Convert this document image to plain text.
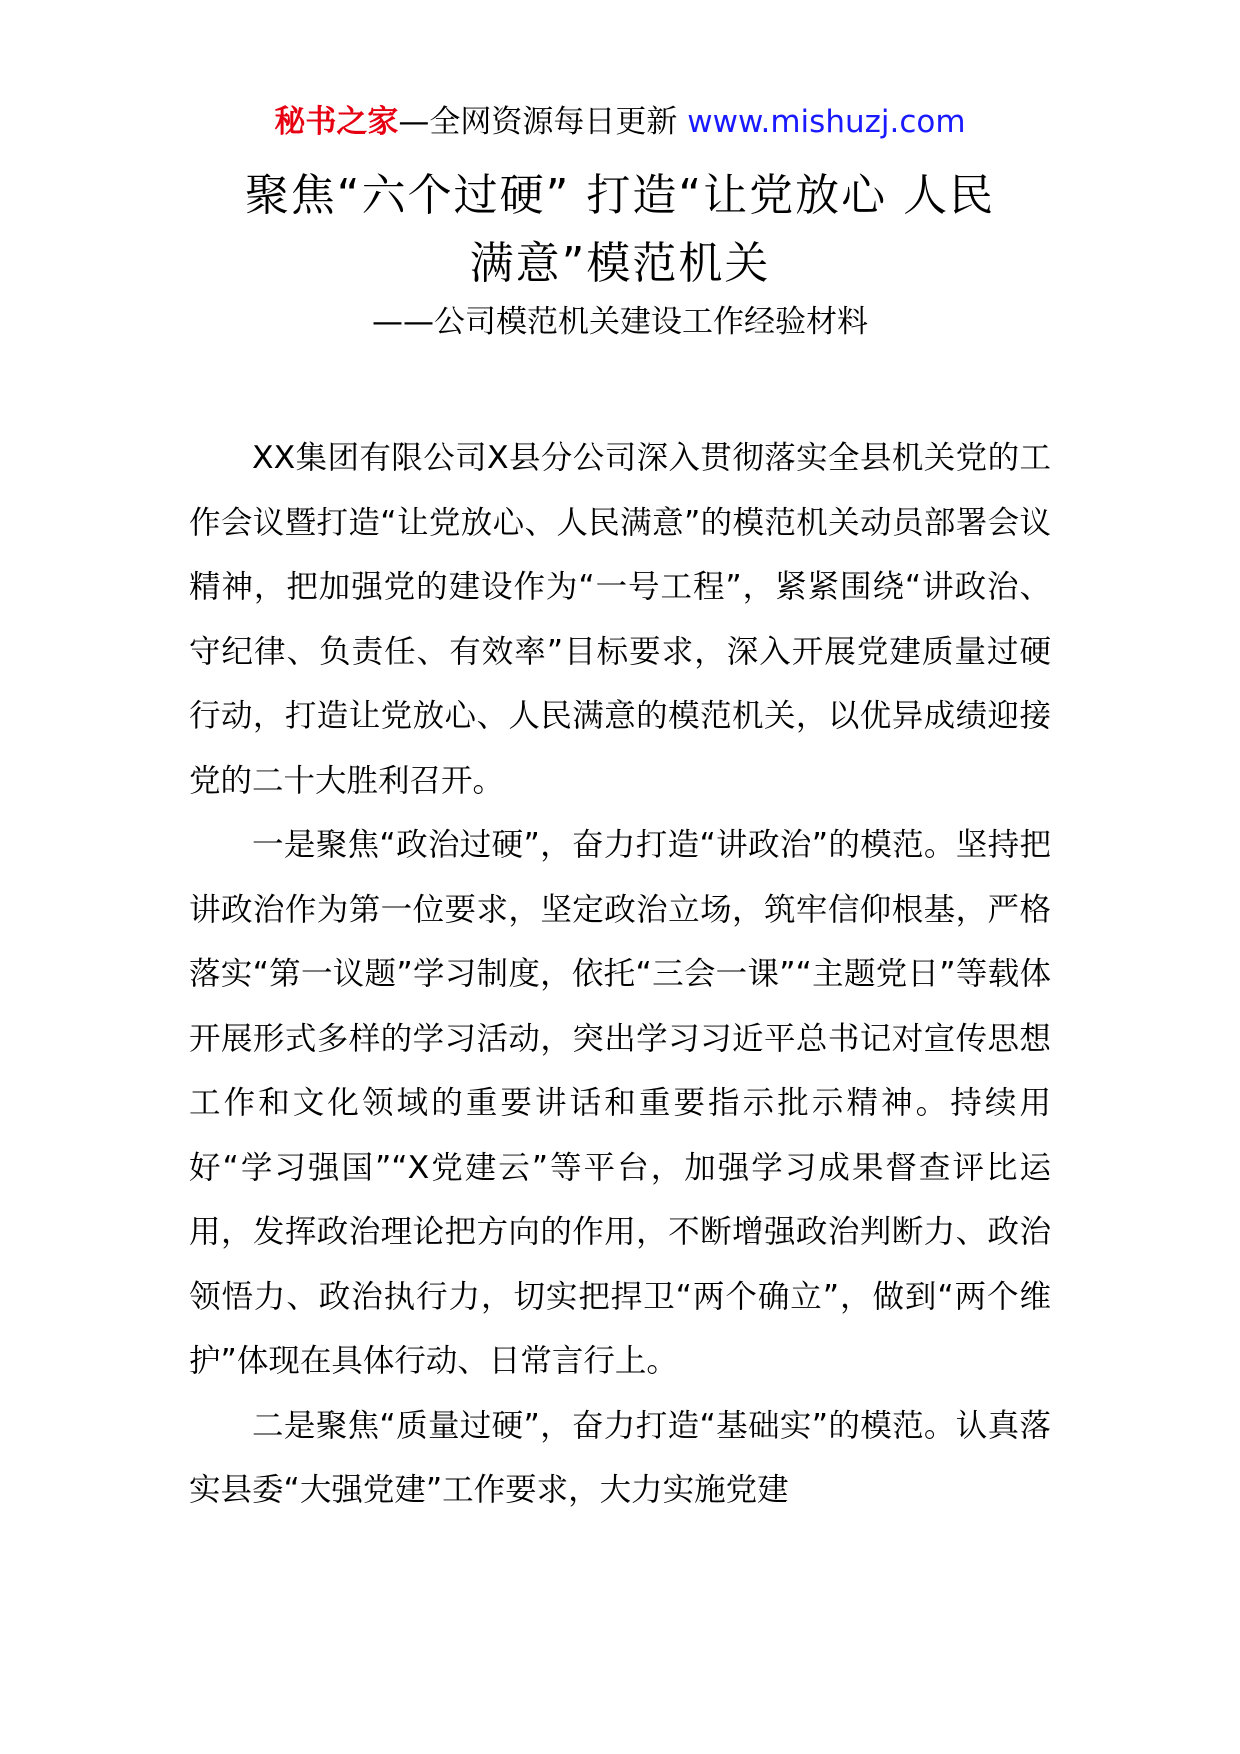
秘书之家—全网资源每日更新 www.mishuzj.com
聚焦“六个过硬” 打造“让党放心 人民
满意”模范机关
——公司模范机关建设工作经验材料

XX集团有限公司X县分公司深入贯彻落实全县机关党的工作会议暨打造“让党放心、人民满意”的模范机关动员部署会议精神，把加强党的建设作为“一号工程”，紧紧围绕“讲政治、守纪律、负责任、有效率”目标要求，深入开展党建质量过硬行动，打造让党放心、人民满意的模范机关，以优异成绩迎接党的二十大胜利召开。

一是聚焦“政治过硬”，奋力打造“讲政治”的模范。坚持把讲政治作为第一位要求，坚定政治立场，筑牢信仰根基，严格落实“第一议题”学习制度，依托“三会一课”“主题党日”等载体开展形式多样的学习活动，突出学习习近平总书记对宣传思想工作和文化领域的重要讲话和重要指示批示精神。持续用好“学习强国”“X党建云”等平台，加强学习成果督查评比运用，发挥政治理论把方向的作用，不断增强政治判断力、政治领悟力、政治执行力，切实把捍卫“两个确立”，做到“两个维护”体现在具体行动、日常言行上。

二是聚焦“质量过硬”，奋力打造“基础实”的模范。认真落实县委“大强党建”工作要求，大力实施党建
